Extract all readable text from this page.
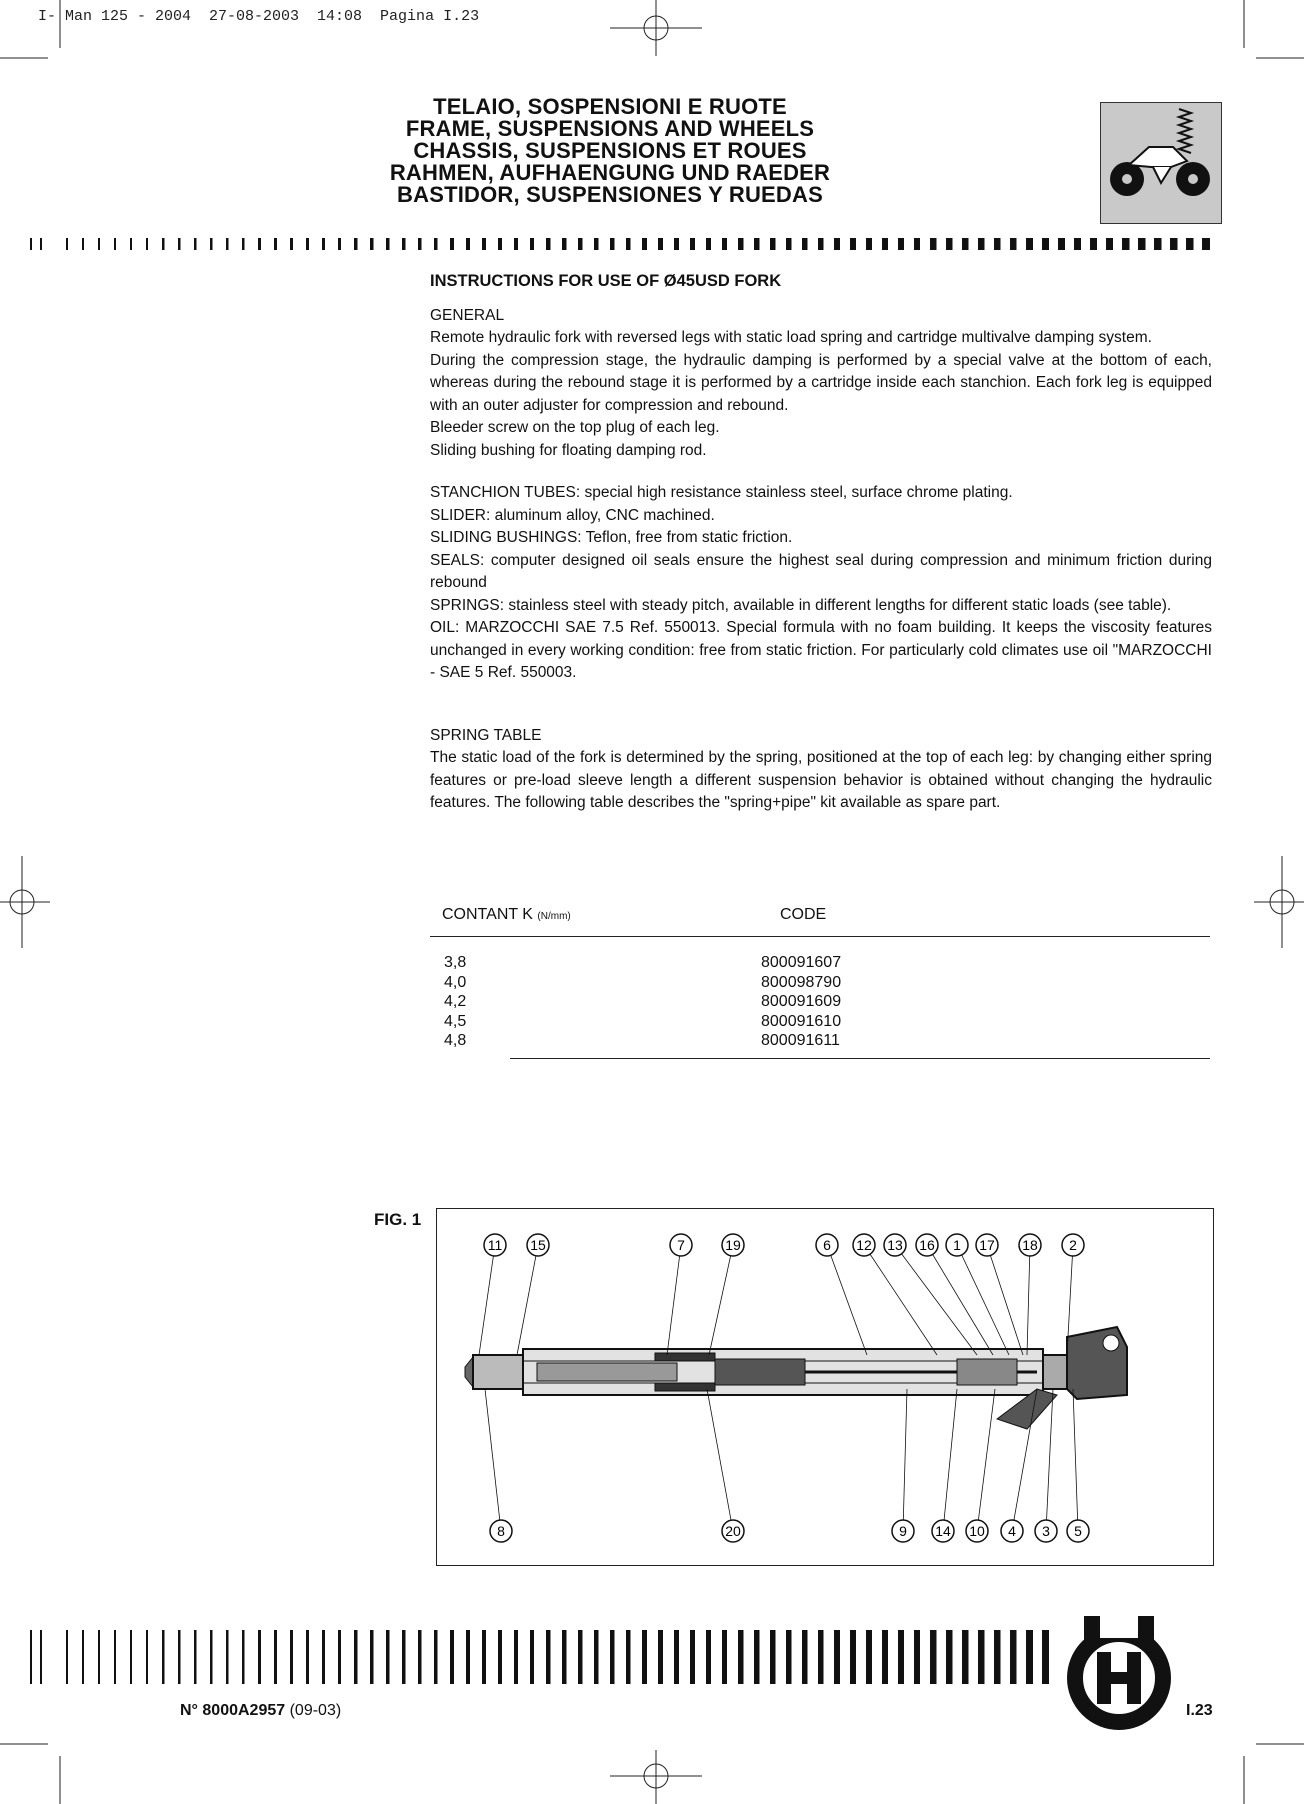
I- Man 125 - 2004  27-08-2003  14:08  Pagina I.23
TELAIO, SOSPENSIONI E RUOTE
FRAME, SUSPENSIONS AND WHEELS
CHASSIS, SUSPENSIONS ET ROUES
RAHMEN, AUFHAENGUNG UND RAEDER
BASTIDOR, SUSPENSIONES Y RUEDAS
INSTRUCTIONS FOR USE OF Ø45USD FORK

GENERAL

Remote hydraulic fork with reversed legs with static load spring and cartridge multivalve damping system.

During the compression stage, the hydraulic damping is performed by a special valve at the bottom of each, whereas during the rebound stage it is performed by a cartridge inside each stanchion. Each fork leg is equipped with an outer adjuster for compression and rebound.

Bleeder screw on the top plug of each leg.

Sliding bushing for floating damping rod.

STANCHION TUBES: special high resistance stainless steel, surface chrome plating.

SLIDER: aluminum alloy, CNC machined.

SLIDING BUSHINGS: Teflon, free from static friction.

SEALS: computer designed oil seals ensure the highest seal during compression and minimum friction during rebound

SPRINGS: stainless steel with steady pitch, available in different lengths for different static loads (see table).

OIL: MARZOCCHI SAE 7.5 Ref. 550013. Special formula with no foam building. It keeps the viscosity features unchanged in every working condition: free from static friction. For particularly cold climates use oil "MARZOCCHI - SAE 5 Ref. 550003.

SPRING TABLE

The static load of the fork is determined by the spring, positioned at the top of each leg: by changing either spring features or pre-load sleeve length a different suspension behavior is obtained without changing the hydraulic features. The following table describes the "spring+pipe" kit available as spare part.

CONTANT K (N/mm)	CODE
3,8	800091607
4,0	800098790
4,2	800091609
4,5	800091610
4,8	800091611
FIG. 1
11 15	7	19	6 12 13 16 1 17 18 2
8	20	9 14 10 4 3 5
N° 8000A2957 (09-03)	I.23
